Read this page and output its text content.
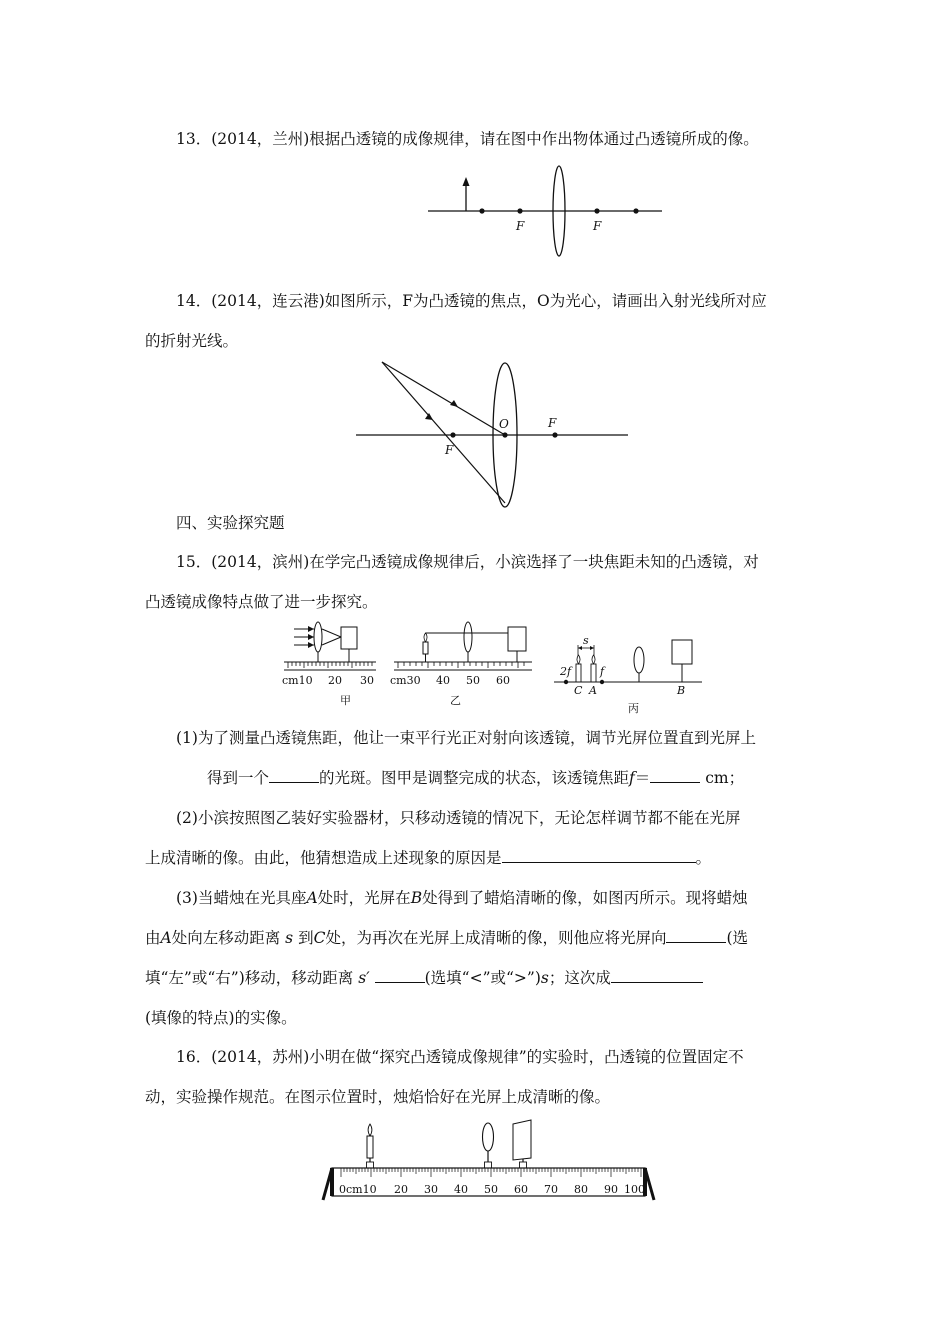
13．(2014，兰州)根据凸透镜的成像规律，请在图中作出物体通过凸透镜所成的像。
F	F
14．(2014，连云港)如图所示，F为凸透镜的焦点，O为光心，请画出入射光线所对应
的折射光线。
O
F
F
四、实验探究题
15．(2014，滨州)在学完凸透镜成像规律后，小滨选择了一块焦距未知的凸透镜，对
凸透镜成像特点做了进一步探究。
cm10 20 30
甲
cm30 40 50 60
乙
s
2f	f
C A	B
丙
(1)为了测量凸透镜焦距，他让一束平行光正对射向该透镜，调节光屏位置直到光屏上
得到一个	的光斑。图甲是调整完成的状态，该透镜焦距f＝	cm；
(2)小滨按照图乙装好实验器材，只移动透镜的情况下，无论怎样调节都不能在光屏
上成清晰的像。由此，他猜想造成上述现象的原因是	。
(3)当蜡烛在光具座A处时，光屏在B处得到了蜡焰清晰的像，如图丙所示。现将蜡烛
由A处向左移动距离 s 到C处，为再次在光屏上成清晰的像，则他应将光屏向	(选
填“左”或“右”)移动，移动距离 s′	(选填“<”或“>”)s；这次成
(填像的特点)的实像。
16．(2014，苏州)小明在做“探究凸透镜成像规律”的实验时，凸透镜的位置固定不
动，实验操作规范。在图示位置时，烛焰恰好在光屏上成清晰的像。
0cm10 20 30 40 50 60 70 80 90 100
